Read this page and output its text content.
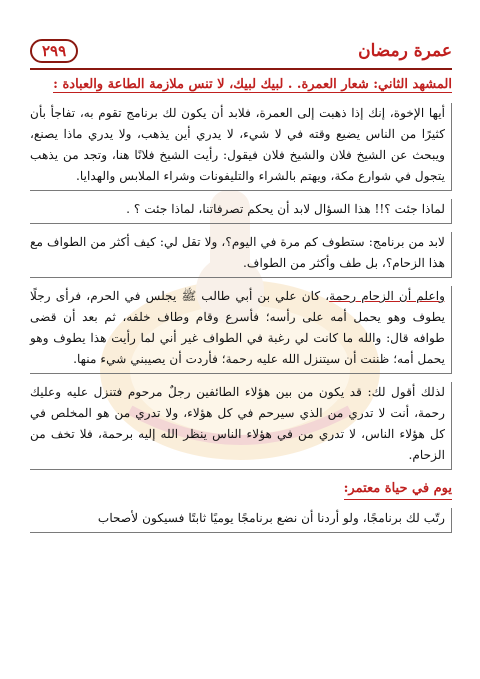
عمرة رمضان
٢٩٩
المشهد الثاني: شعار العمرة. . لبيك لبيك، لا تنس ملازمة الطاعة والعبادة :

أيها الإخوة، إنك إذا ذهبت إلى العمرة، فلابد أن يكون لك برنامج تقوم به، تفاجأ بأن كثيرًا من الناس يضيع وقته في لا شيء، لا يدري أين يذهب، ولا يدري ماذا يصنع، ويبحث عن الشيخ فلان والشيخ فلان فيقول: رأيت الشيخ فلانًا هنا، وتجد من يذهب يتجول في شوارع مكة، ويهتم بالشراء والتليفونات وشراء الملابس والهدايا.

لماذا جئت ؟!! هذا السؤال لابد أن يحكم تصرفاتنا، لماذا جئت ؟ .

لابد من برنامج: ستطوف كم مرة في اليوم؟، ولا تقل لي: كيف أكثر من الطواف مع هذا الزحام؟، بل طف وأكثر من الطواف.

واعلم أن الزحام رحمة، كان علي بن أبي طالب ﷺ يجلس في الحرم، فرأى رجلًا يطوف وهو يحمل أمه على رأسه؛ فأسرع وقام وطاف خلفه، ثم بعد أن قضى طوافه قال: والله ما كانت لي رغبة في الطواف غير أني لما رأيت هذا يطوف وهو يحمل أمه؛ ظننت أن سيتنزل الله عليه رحمة؛ فأردت أن يصيبني شيء منها.

لذلك أقول لك: قد يكون من بين هؤلاء الطائفين رجلٌ مرحوم فتنزل عليه وعليك رحمة، أنت لا تدري من الذي سيرحم في كل هؤلاء، ولا تدري من هو المخلص في كل هؤلاء الناس، لا تدري من في هؤلاء الناس ينظر الله إليه برحمة، فلا تخف من الزحام.

يوم في حياة معتمر:

رتّب لك برنامجًا، ولو أردنا أن نضع برنامجًا يوميًا ثابتًا فسيكون لأصحاب
